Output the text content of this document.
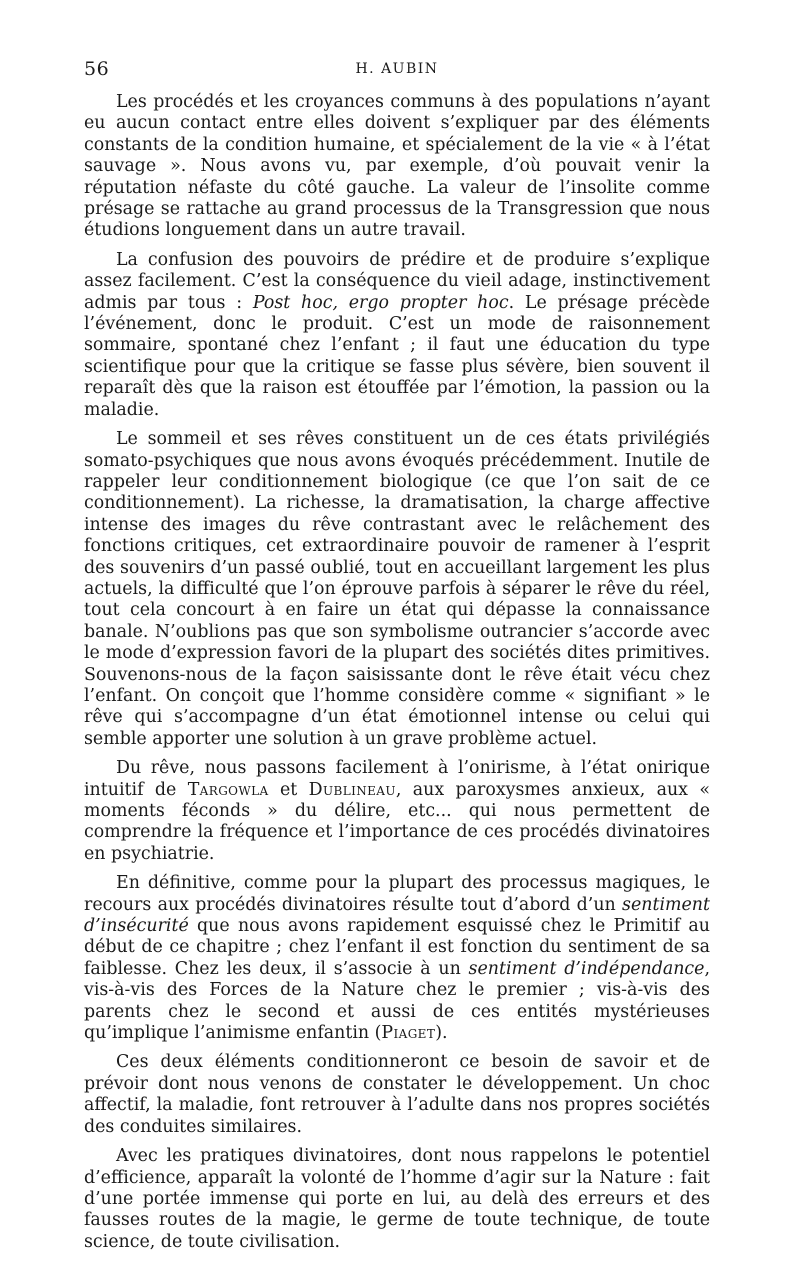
56	H. AUBIN

Les procédés et les croyances communs à des populations n’ayant eu aucun contact entre elles doivent s’expliquer par des éléments constants de la condition humaine, et spécialement de la vie « à l’état sauvage ». Nous avons vu, par exemple, d’où pouvait venir la réputation néfaste du côté gauche. La valeur de l’insolite comme présage se rattache au grand processus de la Transgression que nous étudions longuement dans un autre travail.

La confusion des pouvoirs de prédire et de produire s’explique assez facilement. C’est la conséquence du vieil adage, instinctivement admis par tous : Post hoc, ergo propter hoc. Le présage précède l’événement, donc le produit. C’est un mode de raisonnement sommaire, spontané chez l’enfant ; il faut une éducation du type scientifique pour que la critique se fasse plus sévère, bien souvent il reparaît dès que la raison est étouffée par l’émotion, la passion ou la maladie.

Le sommeil et ses rêves constituent un de ces états privilégiés somato-psychiques que nous avons évoqués précédemment. Inutile de rappeler leur conditionnement biologique (ce que l’on sait de ce conditionnement). La richesse, la dramatisation, la charge affective intense des images du rêve contrastant avec le relâchement des fonctions critiques, cet extraordinaire pouvoir de ramener à l’esprit des souvenirs d’un passé oublié, tout en accueillant largement les plus actuels, la difficulté que l’on éprouve parfois à séparer le rêve du réel, tout cela concourt à en faire un état qui dépasse la connaissance banale. N’oublions pas que son symbolisme outrancier s’accorde avec le mode d’expression favori de la plupart des sociétés dites primitives. Souvenons-nous de la façon saisissante dont le rêve était vécu chez l’enfant. On conçoit que l’homme considère comme « signifiant » le rêve qui s’accompagne d’un état émotionnel intense ou celui qui semble apporter une solution à un grave problème actuel.

Du rêve, nous passons facilement à l’onirisme, à l’état onirique intuitif de Targowla et Dublineau, aux paroxysmes anxieux, aux « moments féconds » du délire, etc... qui nous permettent de comprendre la fréquence et l’importance de ces procédés divinatoires en psychiatrie.

En définitive, comme pour la plupart des processus magiques, le recours aux procédés divinatoires résulte tout d’abord d’un sentiment d’insécurité que nous avons rapidement esquissé chez le Primitif au début de ce chapitre ; chez l’enfant il est fonction du sentiment de sa faiblesse. Chez les deux, il s’associe à un sentiment d’indépendance, vis-à-vis des Forces de la Nature chez le premier ; vis-à-vis des parents chez le second et aussi de ces entités mystérieuses qu’implique l’animisme enfantin (Piaget).

Ces deux éléments conditionneront ce besoin de savoir et de prévoir dont nous venons de constater le développement. Un choc affectif, la maladie, font retrouver à l’adulte dans nos propres sociétés des conduites similaires.

Avec les pratiques divinatoires, dont nous rappelons le potentiel d’efficience, apparaît la volonté de l’homme d’agir sur la Nature : fait d’une portée immense qui porte en lui, au delà des erreurs et des fausses routes de la magie, le germe de toute technique, de toute science, de toute civilisation.
